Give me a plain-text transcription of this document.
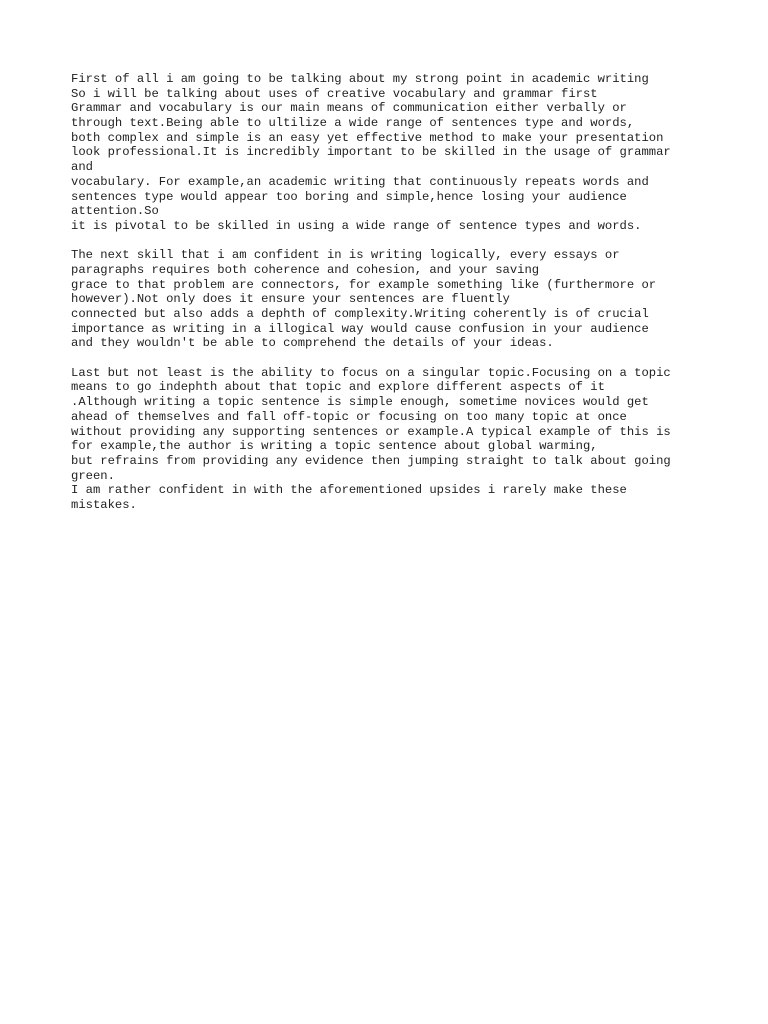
First of all i am going to be talking about my strong point in academic writing
So i will be talking about uses of creative vocabulary and grammar first
Grammar and vocabulary is our main means of communication either verbally or
through text.Being able to ultilize a wide range of sentences type and words,
both complex and simple is an easy yet effective method to make your presentation
look professional.It is incredibly important to be skilled in the usage of grammar
and
vocabulary. For example,an academic writing that continuously repeats words and
sentences type would appear too boring and simple,hence losing your audience
attention.So
it is pivotal to be skilled in using a wide range of sentence types and words.
The next skill that i am confident in is writing logically, every essays or
paragraphs requires both coherence and cohesion, and your saving
grace to that problem are connectors, for example something like (furthermore or
however).Not only does it ensure your sentences are fluently
connected but also adds a dephth of complexity.Writing coherently is of crucial
importance as writing in a illogical way would cause confusion in your audience
and they wouldn't be able to comprehend the details of your ideas.
Last but not least is the ability to focus on a singular topic.Focusing on a topic
means to go indephth about that topic and explore different aspects of it
.Although writing a topic sentence is simple enough, sometime novices would get
ahead of themselves and fall off-topic or focusing on too many topic at once
without providing any supporting sentences or example.A typical example of this is
for example,the author is writing a topic sentence about global warming,
but refrains from providing any evidence then jumping straight to talk about going
green.
I am rather confident in with the aforementioned upsides i rarely make these
mistakes.
